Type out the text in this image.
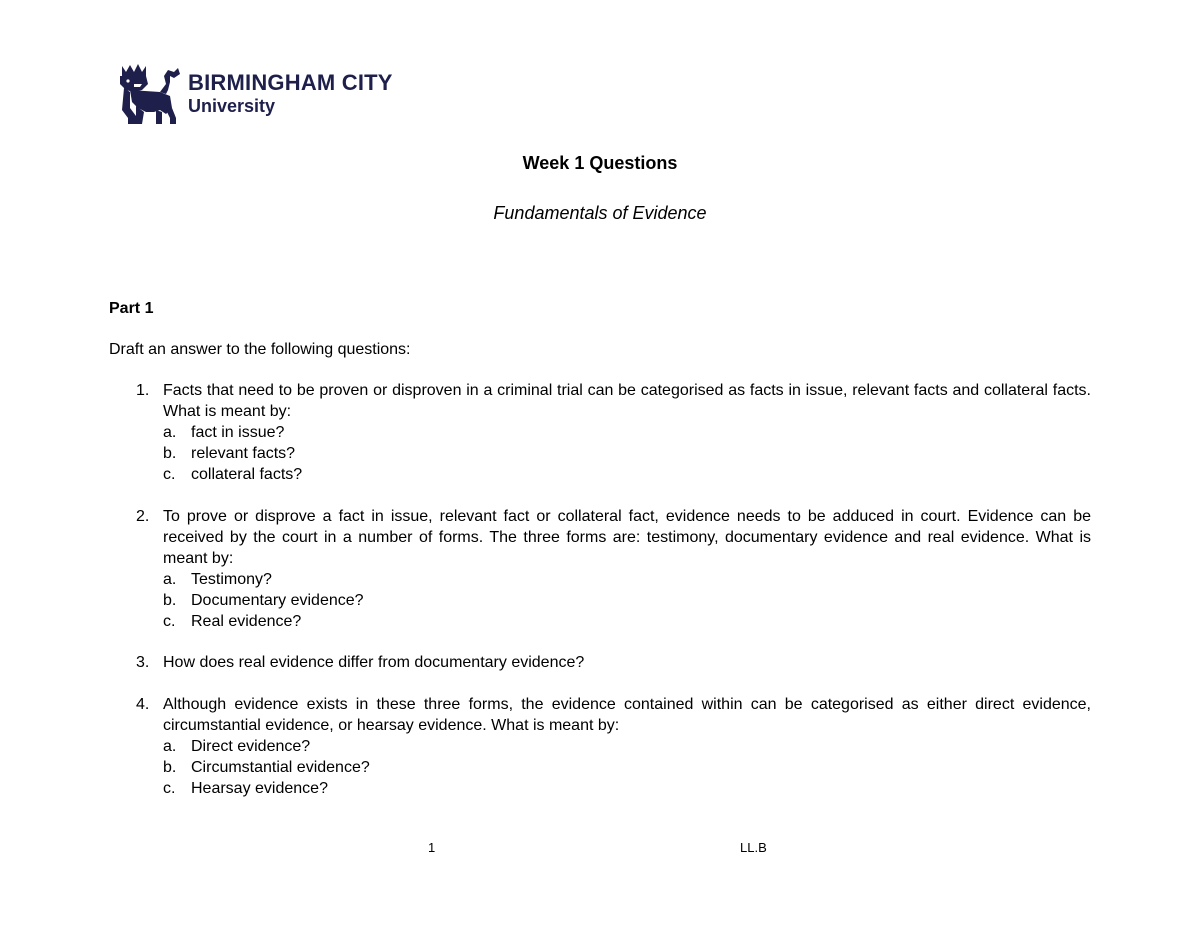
BIRMINGHAM CITY
University
Week 1 Questions
Fundamentals of Evidence
Part 1
Draft an answer to the following questions:
1. Facts that need to be proven or disproven in a criminal trial can be categorised as facts in issue, relevant facts and collateral facts. What is meant by:
a. fact in issue?
b. relevant facts?
c. collateral facts?
2. To prove or disprove a fact in issue, relevant fact or collateral fact, evidence needs to be adduced in court. Evidence can be received by the court in a number of forms. The three forms are: testimony, documentary evidence and real evidence. What is meant by:
a. Testimony?
b. Documentary evidence?
c. Real evidence?
3. How does real evidence differ from documentary evidence?
4. Although evidence exists in these three forms, the evidence contained within can be categorised as either direct evidence, circumstantial evidence, or hearsay evidence. What is meant by:
a. Direct evidence?
b. Circumstantial evidence?
c. Hearsay evidence?
1	LL.B
